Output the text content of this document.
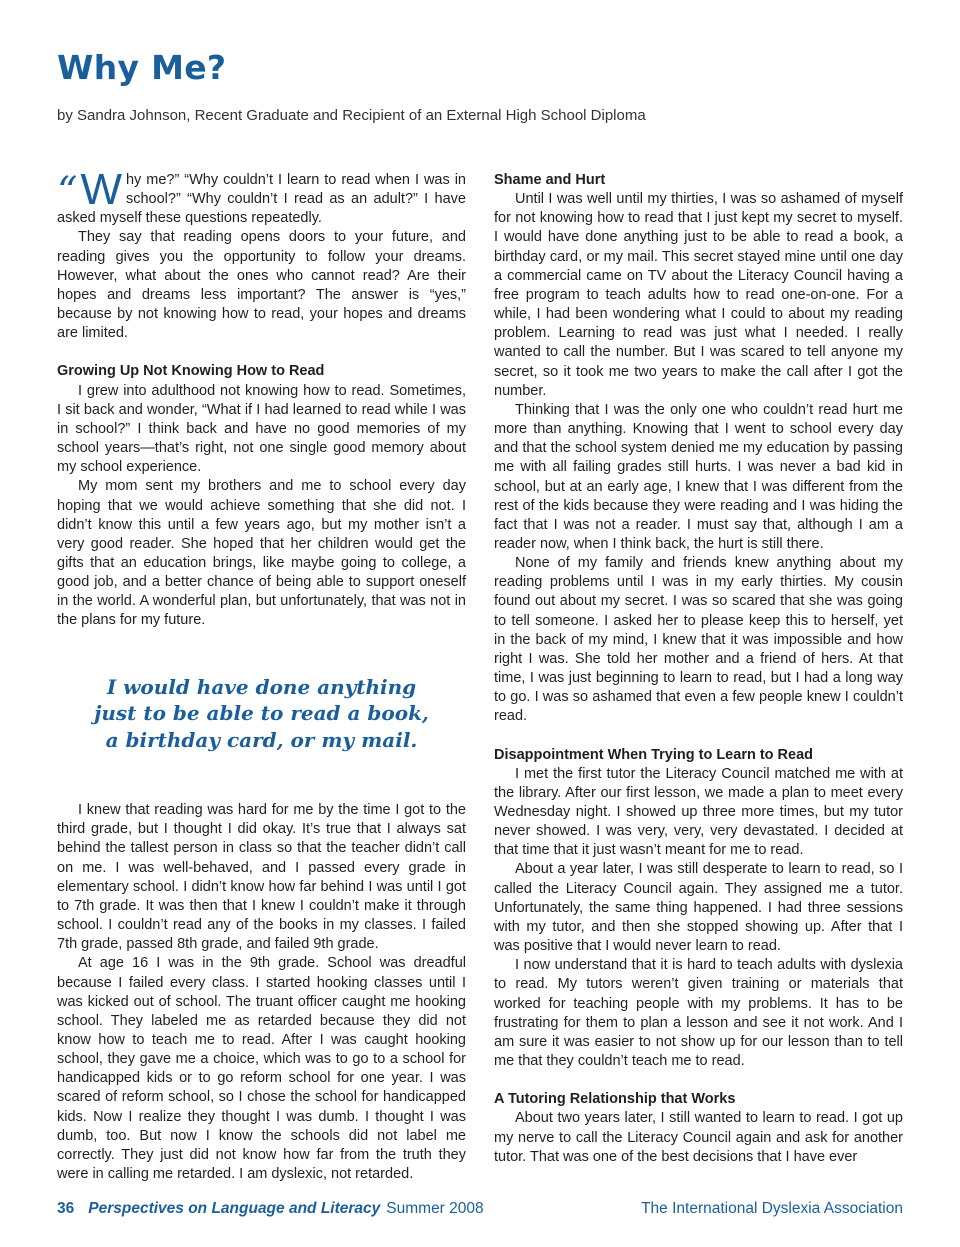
Why Me?
by Sandra Johnson, Recent Graduate and Recipient of an External High School Diploma

“ W hy me?” “Why couldn’t I learn to read when I was in school?” “Why couldn’t I read as an adult?” I have asked myself these questions repeatedly.

They say that reading opens doors to your future, and reading gives you the opportunity to follow your dreams. However, what about the ones who cannot read? Are their hopes and dreams less important? The answer is “yes,” because by not knowing how to read, your hopes and dreams are limited.

Growing Up Not Knowing How to Read

I grew into adulthood not knowing how to read. Sometimes, I sit back and wonder, “What if I had learned to read while I was in school?” I think back and have no good memories of my school years—that’s right, not one single good memory about my school experience.

My mom sent my brothers and me to school every day hoping that we would achieve something that she did not. I didn’t know this until a few years ago, but my mother isn’t a very good reader. She hoped that her children would get the gifts that an education brings, like maybe going to college, a good job, and a better chance of being able to support oneself in the world. A wonderful plan, but unfortunately, that was not in the plans for my future.

I would have done anything
just to be able to read a book,
a birthday card, or my mail.

I knew that reading was hard for me by the time I got to the third grade, but I thought I did okay. It’s true that I always sat behind the tallest person in class so that the teacher didn’t call on me. I was well-behaved, and I passed every grade in elementary school. I didn’t know how far behind I was until I got to 7th grade. It was then that I knew I couldn’t make it through school. I couldn’t read any of the books in my classes. I failed 7th grade, passed 8th grade, and failed 9th grade.

At age 16 I was in the 9th grade. School was dreadful because I failed every class. I started hooking classes until I was kicked out of school. The truant officer caught me hooking school. They labeled me as retarded because they did not know how to teach me to read. After I was caught hooking school, they gave me a choice, which was to go to a school for handicapped kids or to go reform school for one year. I was scared of reform school, so I chose the school for handicapped kids. Now I realize they thought I was dumb. I thought I was dumb, too. But now I know the schools did not label me correctly. They just did not know how far from the truth they were in calling me retarded. I am dyslexic, not retarded.

Shame and Hurt

Until I was well until my thirties, I was so ashamed of myself for not knowing how to read that I just kept my secret to myself. I would have done anything just to be able to read a book, a birthday card, or my mail. This secret stayed mine until one day a commercial came on TV about the Literacy Council having a free program to teach adults how to read one-on-one. For a while, I had been wondering what I could to about my reading problem. Learning to read was just what I needed. I really wanted to call the number. But I was scared to tell anyone my secret, so it took me two years to make the call after I got the number.

Thinking that I was the only one who couldn’t read hurt me more than anything. Knowing that I went to school every day and that the school system denied me my education by passing me with all failing grades still hurts. I was never a bad kid in school, but at an early age, I knew that I was different from the rest of the kids because they were reading and I was hiding the fact that I was not a reader. I must say that, although I am a reader now, when I think back, the hurt is still there.

None of my family and friends knew anything about my reading problems until I was in my early thirties. My cousin found out about my secret. I was so scared that she was going to tell someone. I asked her to please keep this to herself, yet in the back of my mind, I knew that it was impossible and how right I was. She told her mother and a friend of hers. At that time, I was just beginning to learn to read, but I had a long way to go. I was so ashamed that even a few people knew I couldn’t read.

Disappointment When Trying to Learn to Read

I met the first tutor the Literacy Council matched me with at the library. After our first lesson, we made a plan to meet every Wednesday night. I showed up three more times, but my tutor never showed. I was very, very, very devastated. I decided at that time that it just wasn’t meant for me to read.

About a year later, I was still desperate to learn to read, so I called the Literacy Council again. They assigned me a tutor. Unfortunately, the same thing happened. I had three sessions with my tutor, and then she stopped showing up. After that I was positive that I would never learn to read.

I now understand that it is hard to teach adults with dyslexia to read. My tutors weren’t given training or materials that worked for teaching people with my problems. It has to be frustrating for them to plan a lesson and see it not work. And I am sure it was easier to not show up for our lesson than to tell me that they couldn’t teach me to read.

A Tutoring Relationship that Works

About two years later, I still wanted to learn to read. I got up my nerve to call the Literacy Council again and ask for another tutor. That was one of the best decisions that I have ever

36 Perspectives on Language and Literacy Summer 2008	The International Dyslexia Association
